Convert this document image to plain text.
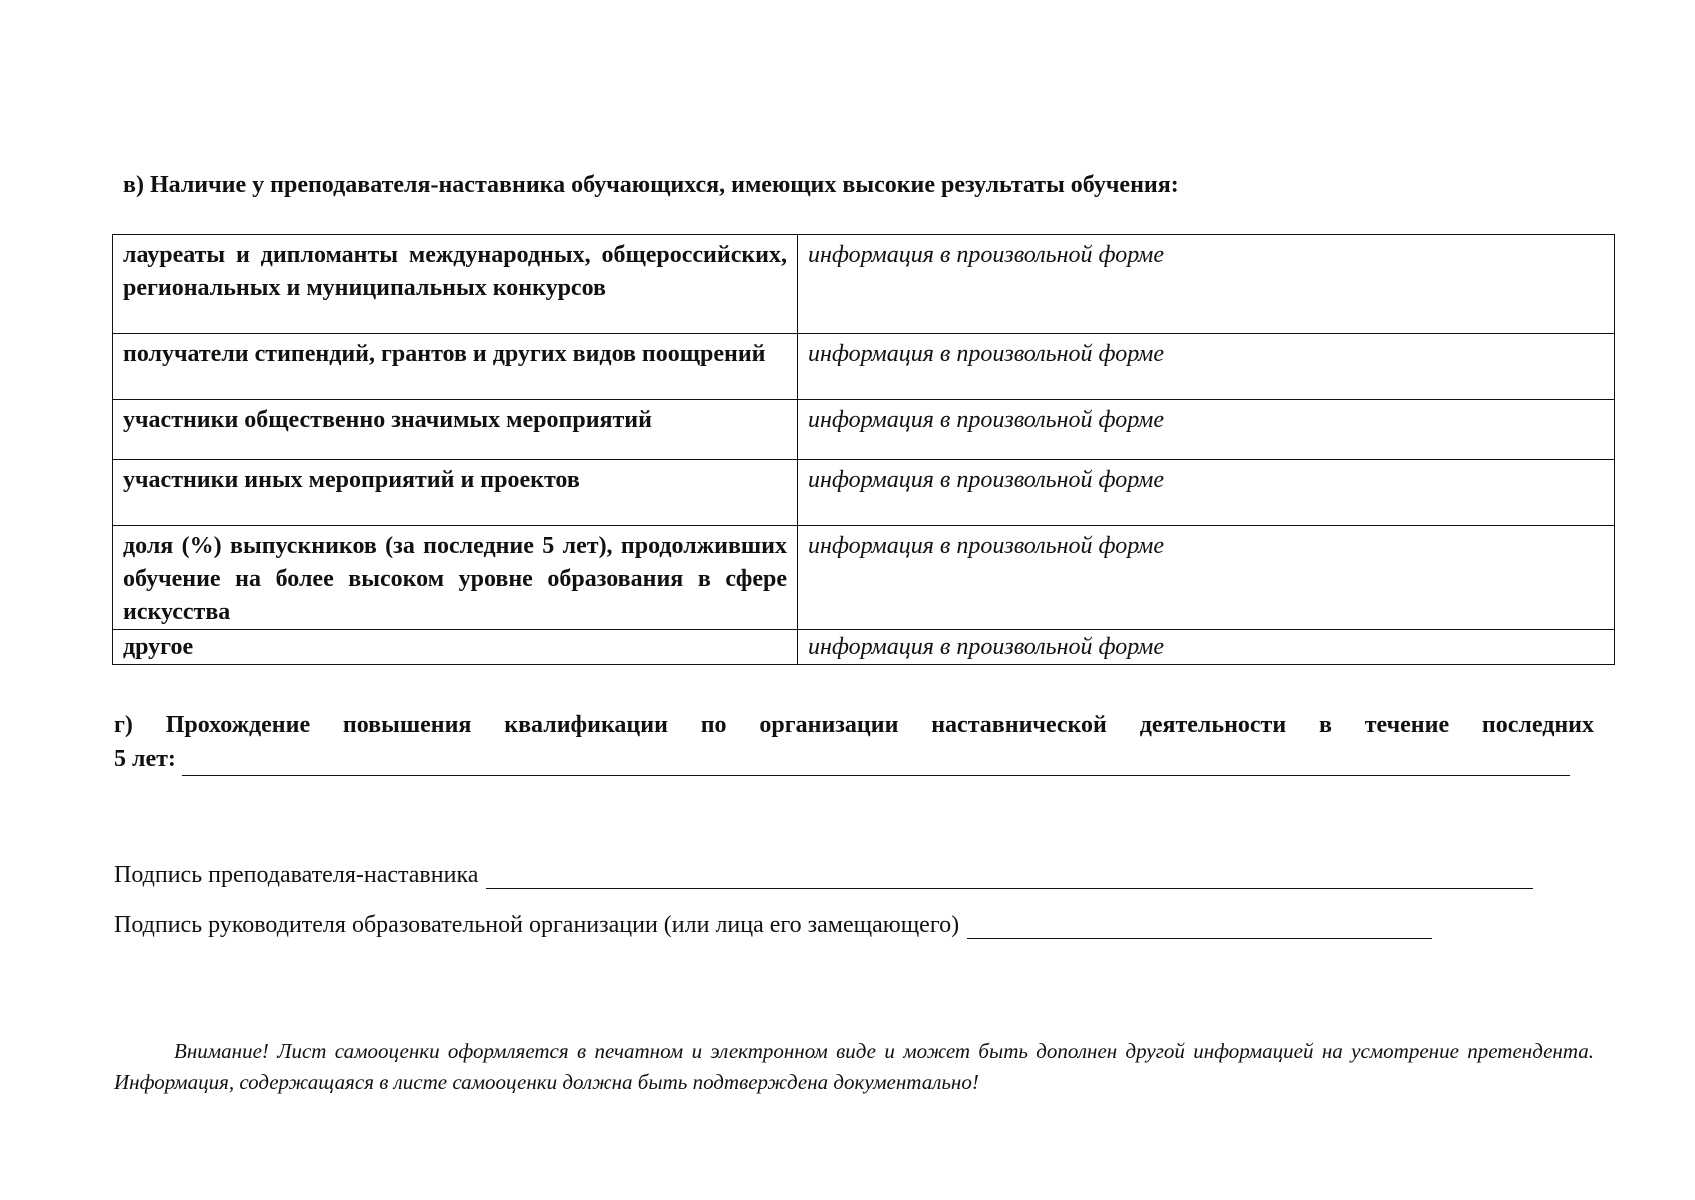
в) Наличие у преподавателя-наставника обучающихся, имеющих высокие результаты обучения:
лауреаты и дипломанты международных, общероссийских, региональных и муниципальных конкурсов	информация в произвольной форме
получатели стипендий, грантов и других видов поощрений	информация в произвольной форме
участники общественно значимых мероприятий	информация в произвольной форме
участники иных мероприятий и проектов	информация в произвольной форме
доля (%) выпускников (за последние 5 лет), продолживших обучение на более высоком уровне образования в сфере искусства	информация в произвольной форме
другое	информация в произвольной форме
г) Прохождение повышения квалификации по организации наставнической деятельности в течение последних
5 лет:
Подпись преподавателя-наставника
Подпись руководителя образовательной организации (или лица его замещающего)
Внимание! Лист самооценки оформляется в печатном и электронном виде и может быть дополнен другой информацией на усмотрение претендента. Информация, содержащаяся в листе самооценки должна быть подтверждена документально!
